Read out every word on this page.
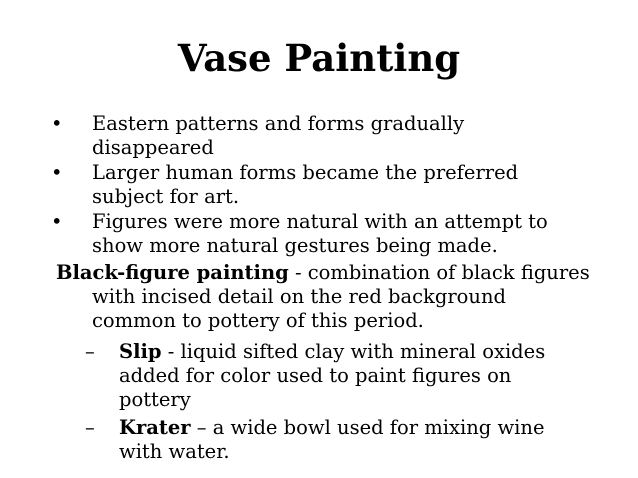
Vase Painting
• Eastern patterns and forms gradually disappeared
• Larger human forms became the preferred subject for art.
• Figures were more natural with an attempt to show more natural gestures being made.
Black-figure painting - combination of black figures with incised detail on the red background common to pottery of this period.
– Slip - liquid sifted clay with mineral oxides added for color used to paint figures on pottery
– Krater – a wide bowl used for mixing wine with water.
